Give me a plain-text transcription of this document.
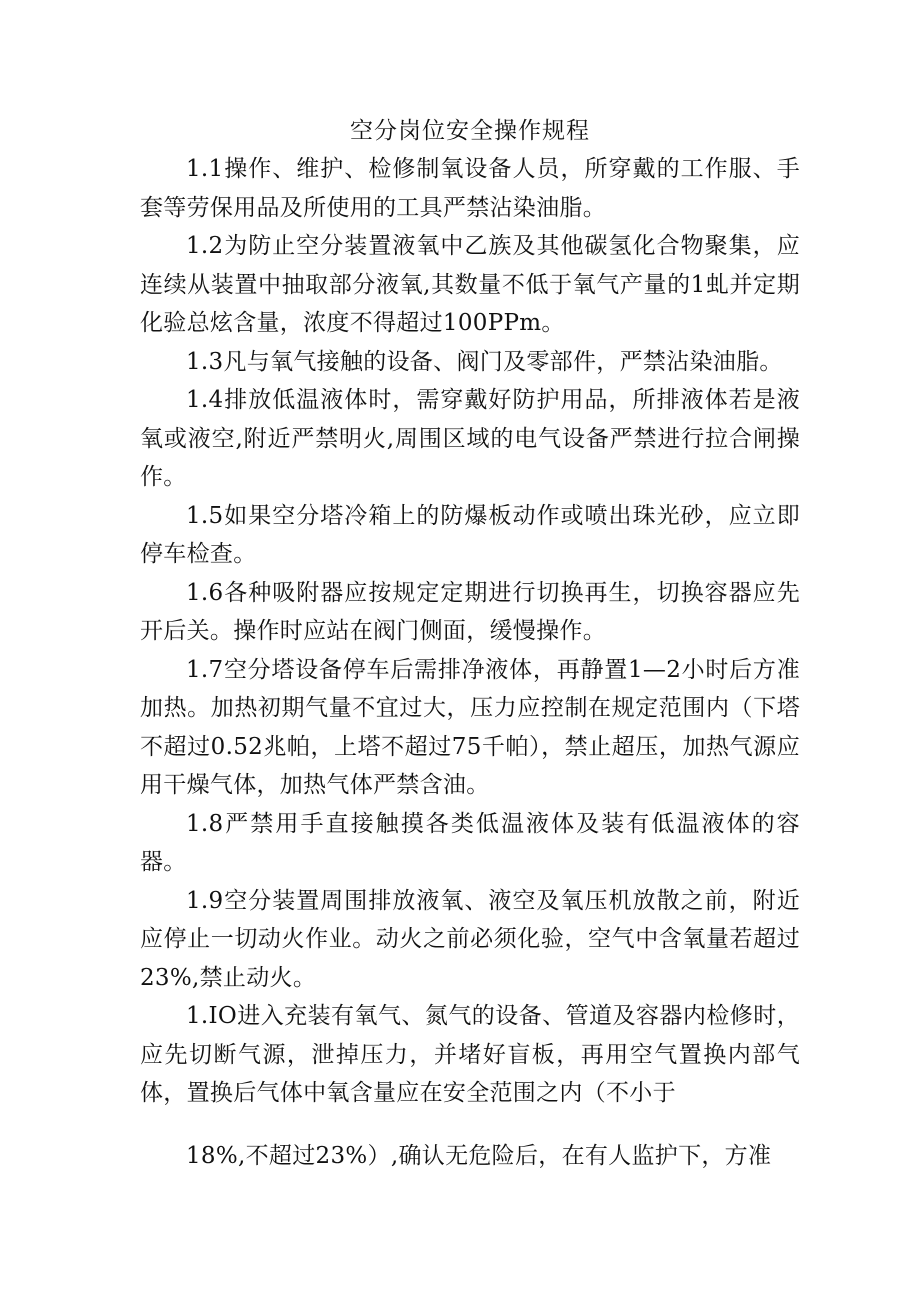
空分岗位安全操作规程

1.1操作、维护、检修制氧设备人员，所穿戴的工作服、手套等劳保用品及所使用的工具严禁沾染油脂。

1.2为防止空分装置液氧中乙族及其他碳氢化合物聚集，应连续从装置中抽取部分液氧,其数量不低于氧气产量的1虬并定期化验总炫含量，浓度不得超过100PPm。

1.3凡与氧气接触的设备、阀门及零部件，严禁沾染油脂。

1.4排放低温液体时，需穿戴好防护用品，所排液体若是液氧或液空,附近严禁明火,周围区域的电气设备严禁进行拉合闸操作。

1.5如果空分塔冷箱上的防爆板动作或喷出珠光砂，应立即停车检查。

1.6各种吸附器应按规定定期进行切换再生，切换容器应先开后关。操作时应站在阀门侧面，缓慢操作。

1.7空分塔设备停车后需排净液体，再静置1—2小时后方准加热。加热初期气量不宜过大，压力应控制在规定范围内（下塔不超过0.52兆帕，上塔不超过75千帕），禁止超压，加热气源应用干燥气体，加热气体严禁含油。

1.8严禁用手直接触摸各类低温液体及装有低温液体的容器。

1.9空分装置周围排放液氧、液空及氧压机放散之前，附近应停止一切动火作业。动火之前必须化验，空气中含氧量若超过23%,禁止动火。

1.IO进入充装有氧气、氮气的设备、管道及容器内检修时，应先切断气源，泄掉压力，并堵好盲板，再用空气置换内部气体，置换后气体中氧含量应在安全范围之内（不小于

18%,不超过23%）,确认无危险后，在有人监护下，方准
